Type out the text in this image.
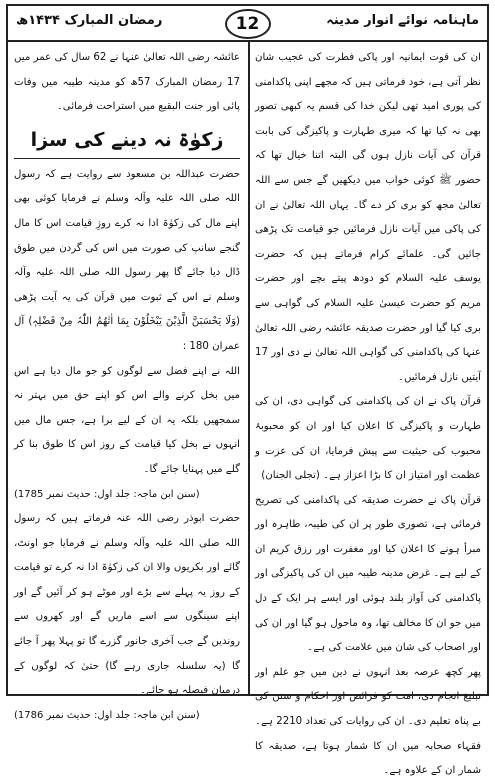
ماہنامہ نوائے انوار مدینہ
12
رمضان المبارک ۱۴۳۴ھ

ان کی قوت ایمانیہ اور پاکی فطرت کی عجیب شان نظر آتی ہے، خود فرماتی ہیں کہ مجھے اپنی پاکدامنی کی پوری امید تھی لیکن خدا کی قسم یہ کبھی تصور بھی نہ کیا تھا کہ میری طہارت و پاکیزگی کی بابت قرآن کی آیات نازل ہوں گی البتہ اتنا خیال تھا کہ حضور ﷺ کوئی خواب میں دیکھیں گے جس سے اللہ تعالیٰ مجھ کو بری کر دے گا۔ یہاں اللہ تعالیٰ نے ان کی پاکی میں آیات نازل فرمائیں جو قیامت تک پڑھی جائیں گی۔ علمائے کرام فرماتے ہیں کہ حضرت یوسف علیہ السلام کو دودھ پیتے بچے اور حضرت مریم کو حضرت عیسیٰ علیہ السلام کی گواہی سے بری کیا گیا اور حضرت صدیقہ عائشہ رضی اللہ تعالیٰ عنہا کی پاکدامنی کی گواہی اللہ تعالیٰ نے دی اور 17 آیتیں نازل فرمائیں۔

قرآن پاک نے ان کی پاکدامنی کی گواہی دی، ان کی طہارت و پاکیزگی کا اعلان کیا اور ان کو محبوبۂ محبوب کی حیثیت سے پیش فرمایا، ان کی عزت و عظمت اور امتیاز ان کا بڑا اعزاز ہے۔ (تجلی الجنان)

قرآن پاک نے حضرت صدیقہ کی پاکدامنی کی تصریح فرمائی ہے، تصوری طور پر ان کی طیبہ، طاہرہ اور مبرأ ہونے کا اعلان کیا اور مغفرت اور رزق کریم ان کے لیے ہے۔ غرض مدینہ طیبہ میں ان کی پاکیزگی اور پاکدامنی کی آواز بلند ہوئی اور ایسے ہر ایک کے دل میں جو ان کا مخالف تھا، وہ ماحول ہو گیا اور ان کی اور اصحاب کی شان میں علامت کی ہے۔

پھر کچھ عرصہ بعد انہوں نے دین میں جو علم اور تبلیغ انجام دی، امت کو فرائض اور احکام و سنن کی بے پناہ تعلیم دی۔ ان کی روایات کی تعداد 2210 ہے۔ فقہاء صحابہ میں ان کا شمار ہوتا ہے، صدیقہ کا شمار ان کے علاوہ ہے۔

عائشہ رضی اللہ تعالیٰ عنہا نے 62 سال کی عمر میں 17 رمضان المبارک 57ھ کو مدینہ طیبہ میں وفات پائی اور جنت البقیع میں استراحت فرمائی۔

زکوٰۃ نہ دینے کی سزا

حضرت عبداللہ بن مسعود سے روایت ہے کہ رسول اللہ صلی اللہ علیہ وآلہ وسلم نے فرمایا کوئی بھی اپنے مال کی زکوٰۃ ادا نہ کرے روزِ قیامت اس کا مال گنجے سانپ کی صورت میں اس کی گردن میں طوق ڈال دیا جائے گا پھر رسول اللہ صلی اللہ علیہ وآلہ وسلم نے اس کے ثبوت میں قرآن کی یہ آیت پڑھی (وَلَا یَحْسَبَنَّ الَّذِیْنَ یَبْخَلُوْنَ بِمَا اٰتٰھُمُ اللّٰہُ مِنْ فَضْلِہٖ) آل عمران 180 :

اللہ نے اپنے فضل سے لوگوں کو جو مال دیا ہے اس میں بخل کرنے والے اس کو اپنے حق میں بہتر نہ سمجھیں بلکہ یہ ان کے لیے برا ہے، جس مال میں انہوں نے بخل کیا قیامت کے روز اس کا طوق بنا کر گلے میں پہنایا جائے گا۔

(سنن ابن ماجہ: جلد اول: حدیث نمبر 1785)

حضرت ابوذر رضی اللہ عنہ فرماتے ہیں کہ رسول اللہ صلی اللہ علیہ وآلہ وسلم نے فرمایا جو اونٹ، گائے اور بکریوں والا ان کی زکوٰۃ ادا نہ کرے تو قیامت کے روز یہ پہلے سے بڑے اور موٹے ہو کر آئیں گے اور اپنے سینگوں سے اسے ماریں گے اور کھروں سے روندیں گے جب آخری جانور گزرے گا تو پہلا پھر آ جائے گا (یہ سلسلہ جاری رہے گا) حتیٰ کہ لوگوں کے درمیان فیصلہ ہو جائے۔

(سنن ابن ماجہ: جلد اول: حدیث نمبر 1786)
